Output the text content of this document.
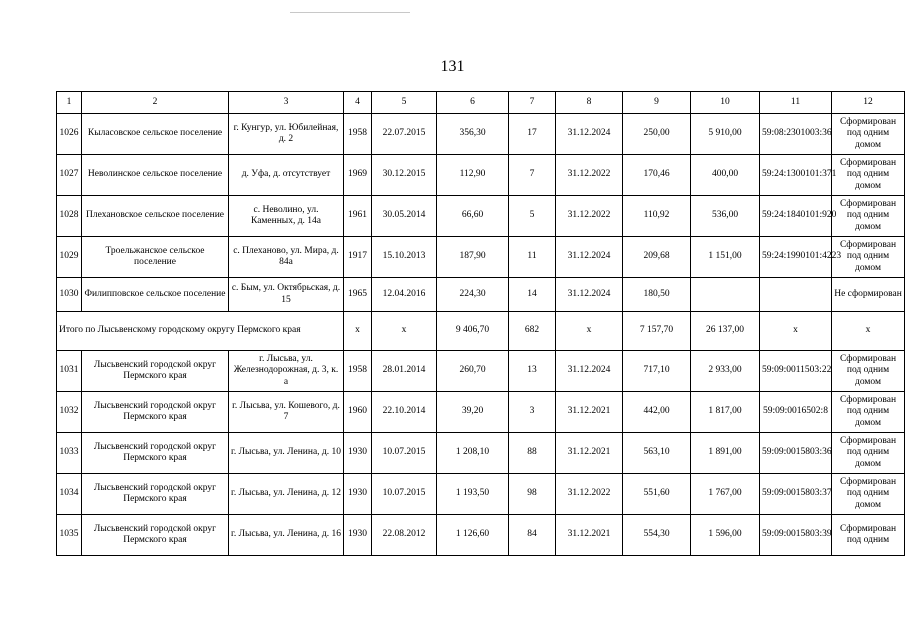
131
1	2	3	4	5	6	7	8	9	10	11	12
1026	Кыласовское сельское поселение	г. Кунгур, ул. Юбилейная, д. 2	1958	22.07.2015	356,30	17	31.12.2024	250,00	5 910,00	59:08:2301003:36	Сформирован под одним домом
1027	Неволинское сельское поселение	д. Уфа, д. отсутствует	1969	30.12.2015	112,90	7	31.12.2022	170,46	400,00	59:24:1300101:371	Сформирован под одним домом
1028	Плехановское сельское поселение	с. Неволино, ул. Каменных, д. 14а	1961	30.05.2014	66,60	5	31.12.2022	110,92	536,00	59:24:1840101:920	Сформирован под одним домом
1029	Троельжанское сельское поселение	с. Плеханово, ул. Мира, д. 84а	1917	15.10.2013	187,90	11	31.12.2024	209,68	1 151,00	59:24:1990101:4223	Сформирован под одним домом
1030	Филипповское сельское поселение	с. Бым, ул. Октябрьская, д. 15	1965	12.04.2016	224,30	14	31.12.2024	180,50			Не сформирован
Итого по Лысьвенскому городскому округу Пермского края			x	x	9 406,70	682	x	7 157,70	26 137,00	x	x
1031	Лысьвенский городской округ Пермского края	г. Лысьва, ул. Железнодорожная, д. 3, к. а	1958	28.01.2014	260,70	13	31.12.2024	717,10	2 933,00	59:09:0011503:22	Сформирован под одним домом
1032	Лысьвенский городской округ Пермского края	г. Лысьва, ул. Кошевого, д. 7	1960	22.10.2014	39,20	3	31.12.2021	442,00	1 817,00	59:09:0016502:8	Сформирован под одним домом
1033	Лысьвенский городской округ Пермского края	г. Лысьва, ул. Ленина, д. 10	1930	10.07.2015	1 208,10	88	31.12.2021	563,10	1 891,00	59:09:0015803:36	Сформирован под одним домом
1034	Лысьвенский городской округ Пермского края	г. Лысьва, ул. Ленина, д. 12	1930	10.07.2015	1 193,50	98	31.12.2022	551,60	1 767,00	59:09:0015803:37	Сформирован под одним домом
1035	Лысьвенский городской округ Пермского края	г. Лысьва, ул. Ленина, д. 16	1930	22.08.2012	1 126,60	84	31.12.2021	554,30	1 596,00	59:09:0015803:39	Сформирован под одним
